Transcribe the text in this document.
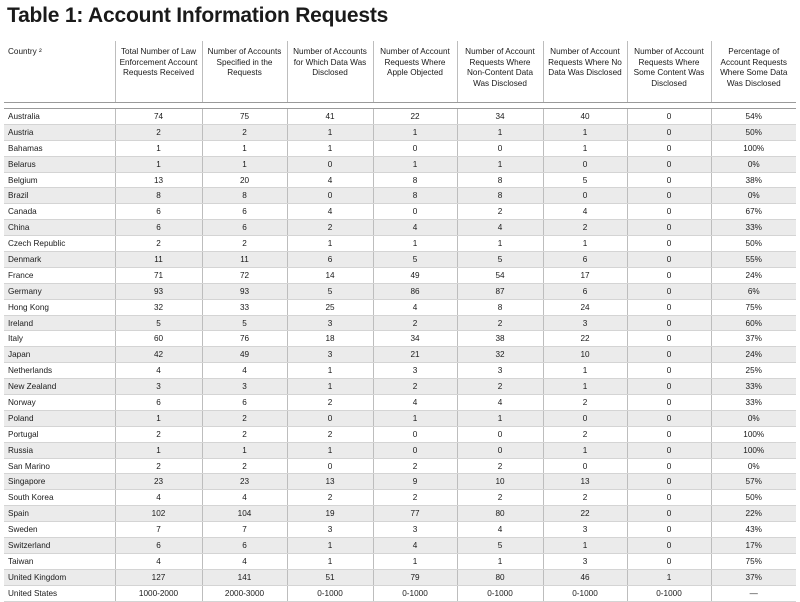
Table 1: Account Information Requests
Country ²	Total Number of Law Enforcement Account Requests Received	Number of Accounts Specified in the Requests	Number of Accounts for Which Data Was Disclosed	Number of Account Requests Where Apple Objected	Number of Account Requests Where Non-Content Data Was Disclosed	Number of Account Requests Where No Data Was Disclosed	Number of Account Requests Where Some Content Was Disclosed	Percentage of Account Requests Where Some Data Was Disclosed

Australia	74	75	41	22	34	40	0	54%
Austria	2	2	1	1	1	1	0	50%
Bahamas	1	1	1	0	0	1	0	100%
Belarus	1	1	0	1	1	0	0	0%
Belgium	13	20	4	8	8	5	0	38%
Brazil	8	8	0	8	8	0	0	0%
Canada	6	6	4	0	2	4	0	67%
China	6	6	2	4	4	2	0	33%
Czech Republic	2	2	1	1	1	1	0	50%
Denmark	11	11	6	5	5	6	0	55%
France	71	72	14	49	54	17	0	24%
Germany	93	93	5	86	87	6	0	6%
Hong Kong	32	33	25	4	8	24	0	75%
Ireland	5	5	3	2	2	3	0	60%
Italy	60	76	18	34	38	22	0	37%
Japan	42	49	3	21	32	10	0	24%
Netherlands	4	4	1	3	3	1	0	25%
New Zealand	3	3	1	2	2	1	0	33%
Norway	6	6	2	4	4	2	0	33%
Poland	1	2	0	1	1	0	0	0%
Portugal	2	2	2	0	0	2	0	100%
Russia	1	1	1	0	0	1	0	100%
San Marino	2	2	0	2	2	0	0	0%
Singapore	23	23	13	9	10	13	0	57%
South Korea	4	4	2	2	2	2	0	50%
Spain	102	104	19	77	80	22	0	22%
Sweden	7	7	3	3	4	3	0	43%
Switzerland	6	6	1	4	5	1	0	17%
Taiwan	4	4	1	1	1	3	0	75%
United Kingdom	127	141	51	79	80	46	1	37%
United States	1000-2000	2000-3000	0-1000	0-1000	0-1000	0-1000	0-1000	—
